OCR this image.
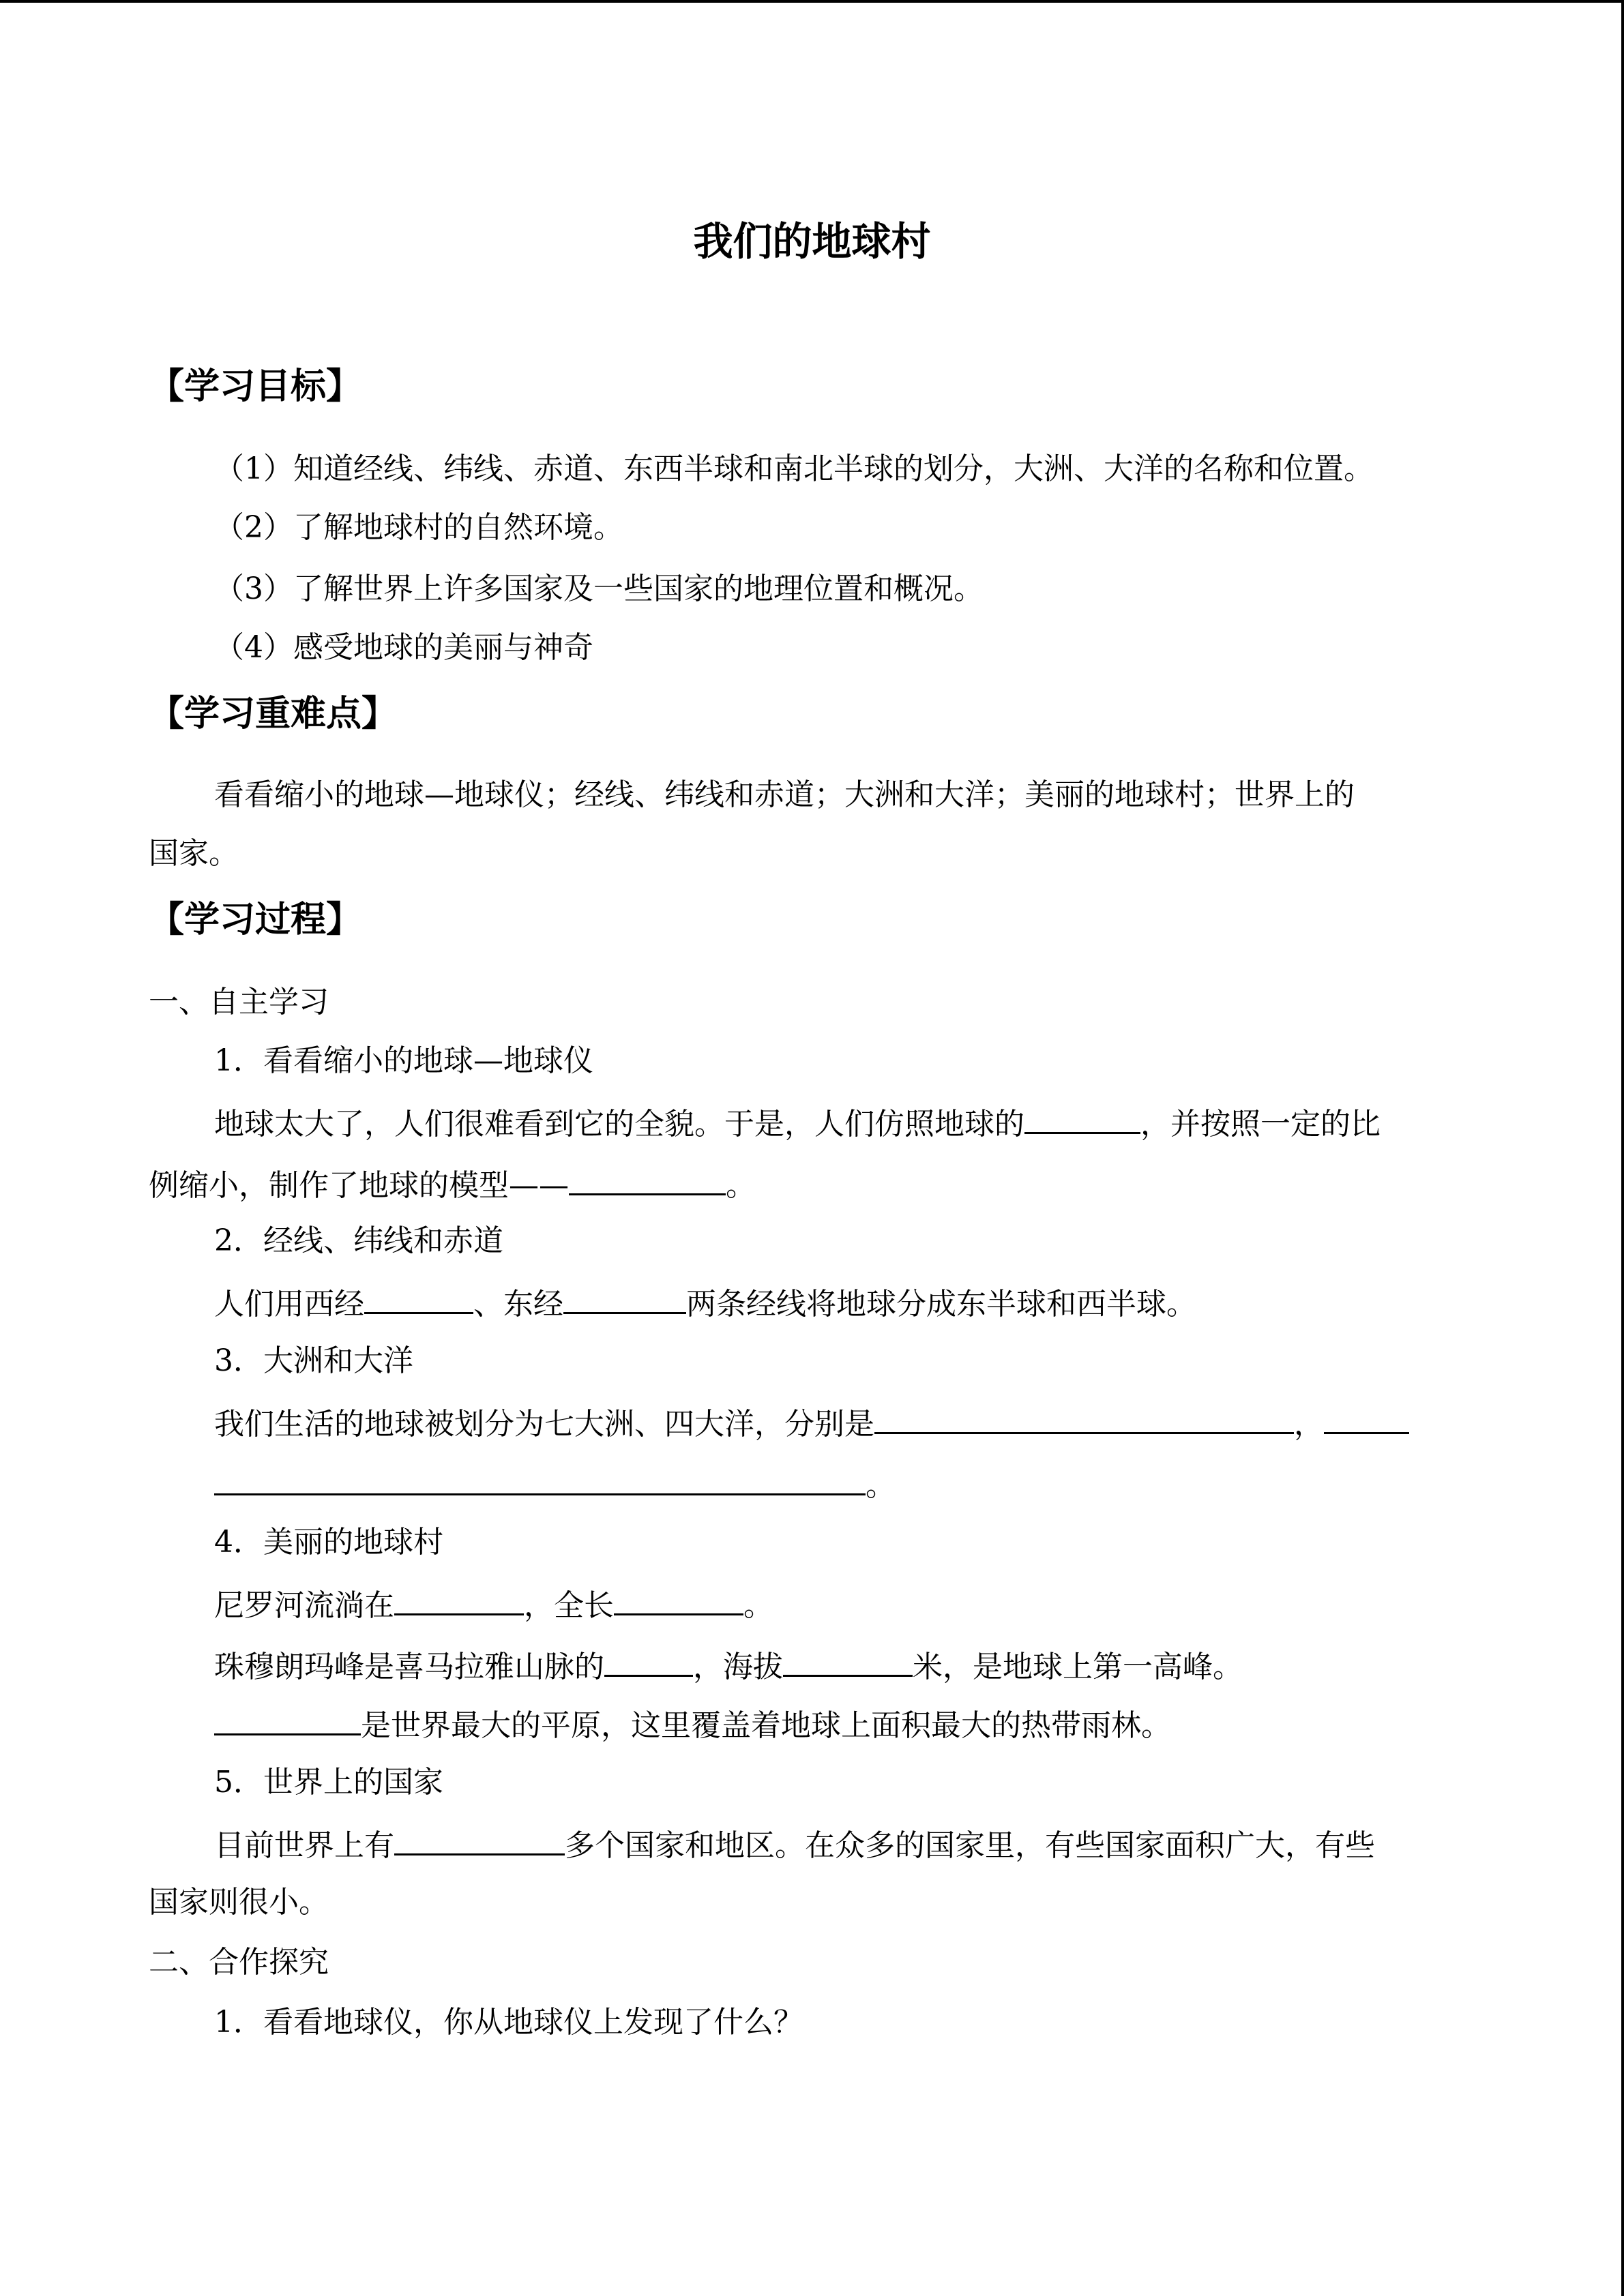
我们的地球村
【学习目标】
（1）知道经线、纬线、赤道、东西半球和南北半球的划分，大洲、大洋的名称和位置。
（2）了解地球村的自然环境。
（3）了解世界上许多国家及一些国家的地理位置和概况。
（4）感受地球的美丽与神奇
【学习重难点】
看看缩小的地球—地球仪；经线、纬线和赤道；大洲和大洋；美丽的地球村；世界上的
国家。
【学习过程】
一、自主学习
1．看看缩小的地球—地球仪
地球太大了，人们很难看到它的全貌。于是，人们仿照地球的	，并按照一定的比
例缩小，制作了地球的模型——	。
2．经线、纬线和赤道
人们用西经	、东经	两条经线将地球分成东半球和西半球。
3．大洲和大洋
我们生活的地球被划分为七大洲、四大洋，分别是	，
。
4．美丽的地球村
尼罗河流淌在	，全长	。
珠穆朗玛峰是喜马拉雅山脉的	，海拔	米，是地球上第一高峰。
是世界最大的平原，这里覆盖着地球上面积最大的热带雨林。
5．世界上的国家
目前世界上有	多个国家和地区。在众多的国家里，有些国家面积广大，有些
国家则很小。
二、合作探究
1．看看地球仪，你从地球仪上发现了什么？
